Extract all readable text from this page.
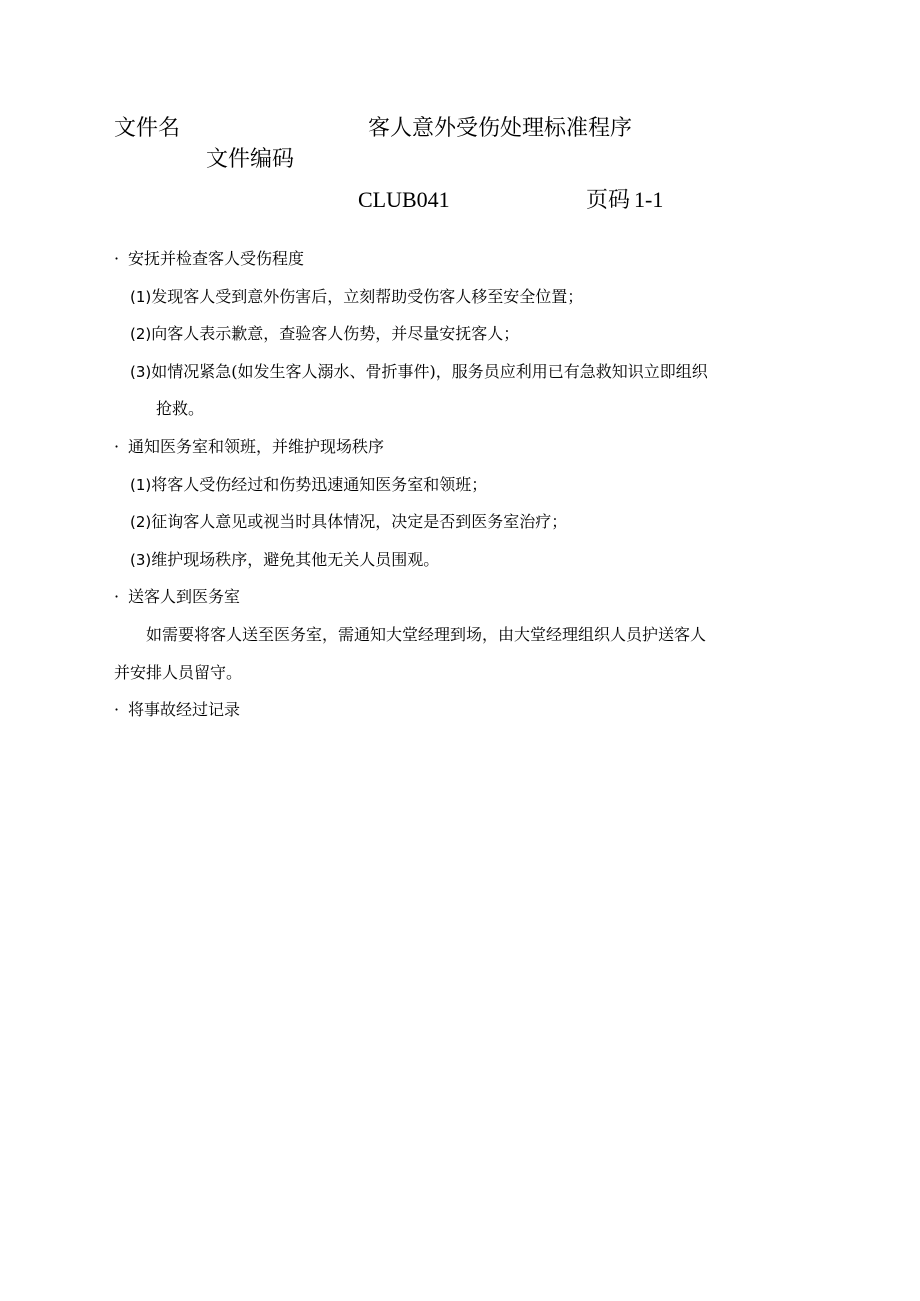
文件名	客人意外受伤处理标准程序
文件编码
CLUB041	页码 1-1
· 安抚并检查客人受伤程度
(1)发现客人受到意外伤害后，立刻帮助受伤客人移至安全位置；
(2)向客人表示歉意，查验客人伤势，并尽量安抚客人；
(3)如情况紧急(如发生客人溺水、骨折事件)，服务员应利用已有急救知识立即组织
抢救。
· 通知医务室和领班，并维护现场秩序
(1)将客人受伤经过和伤势迅速通知医务室和领班；
(2)征询客人意见或视当时具体情况，决定是否到医务室治疗；
(3)维护现场秩序，避免其他无关人员围观。
· 送客人到医务室
如需要将客人送至医务室，需通知大堂经理到场，由大堂经理组织人员护送客人
并安排人员留守。
· 将事故经过记录
